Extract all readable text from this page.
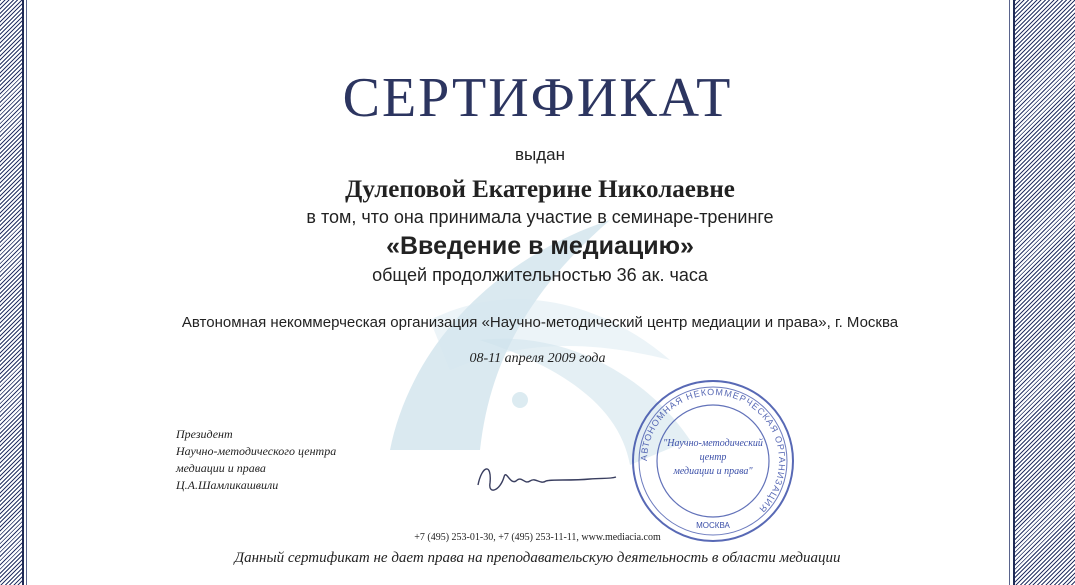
СЕРТИФИКАТ
выдан
Дулеповой Екатерине Николаевне
в том, что она принимала участие в семинаре-тренинге
«Введение в медиацию»
общей продолжительностью 36 ак. часа
Автономная некоммерческая организация «Научно-методический центр медиации и права», г. Москва
08-11 апреля 2009 года
Президент
Научно-методического центра
медиации и права
Ц.А.Шамликашвили
АВТОНОМНАЯ НЕКОММЕРЧЕСКАЯ ОРГАНИЗАЦИЯ
"Научно-методический
центр
медиации и права"
МОСКВА
+7 (495) 253-01-30, +7 (495) 253-11-11, www.mediacia.com
Данный сертификат не дает права на преподавательскую деятельность в области медиации
